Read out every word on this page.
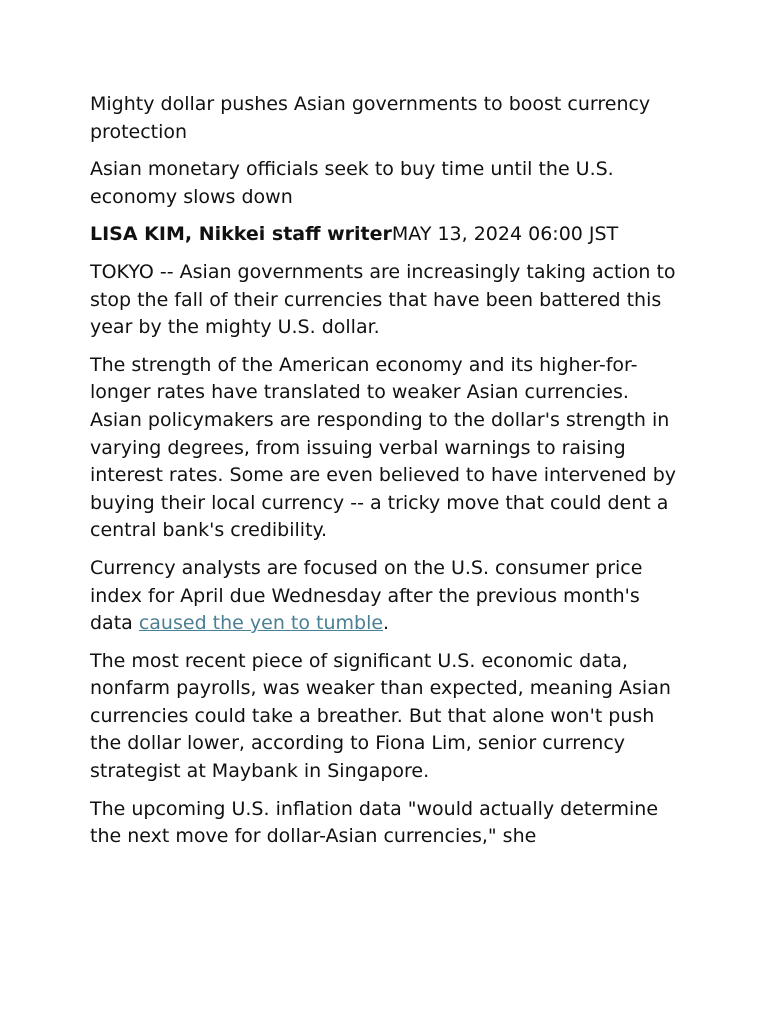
Mighty dollar pushes Asian governments to boost currency protection

Asian monetary officials seek to buy time until the U.S. economy slows down

LISA KIM, Nikkei staff writerMAY 13, 2024 06:00 JST

TOKYO -- Asian governments are increasingly taking action to stop the fall of their currencies that have been battered this year by the mighty U.S. dollar.

The strength of the American economy and its higher-for-longer rates have translated to weaker Asian currencies. Asian policymakers are responding to the dollar's strength in varying degrees, from issuing verbal warnings to raising interest rates. Some are even believed to have intervened by buying their local currency -- a tricky move that could dent a central bank's credibility.

Currency analysts are focused on the U.S. consumer price index for April due Wednesday after the previous month's data caused the yen to tumble.

The most recent piece of significant U.S. economic data, nonfarm payrolls, was weaker than expected, meaning Asian currencies could take a breather. But that alone won't push the dollar lower, according to Fiona Lim, senior currency strategist at Maybank in Singapore.

The upcoming U.S. inflation data "would actually determine the next move for dollar-Asian currencies," she
